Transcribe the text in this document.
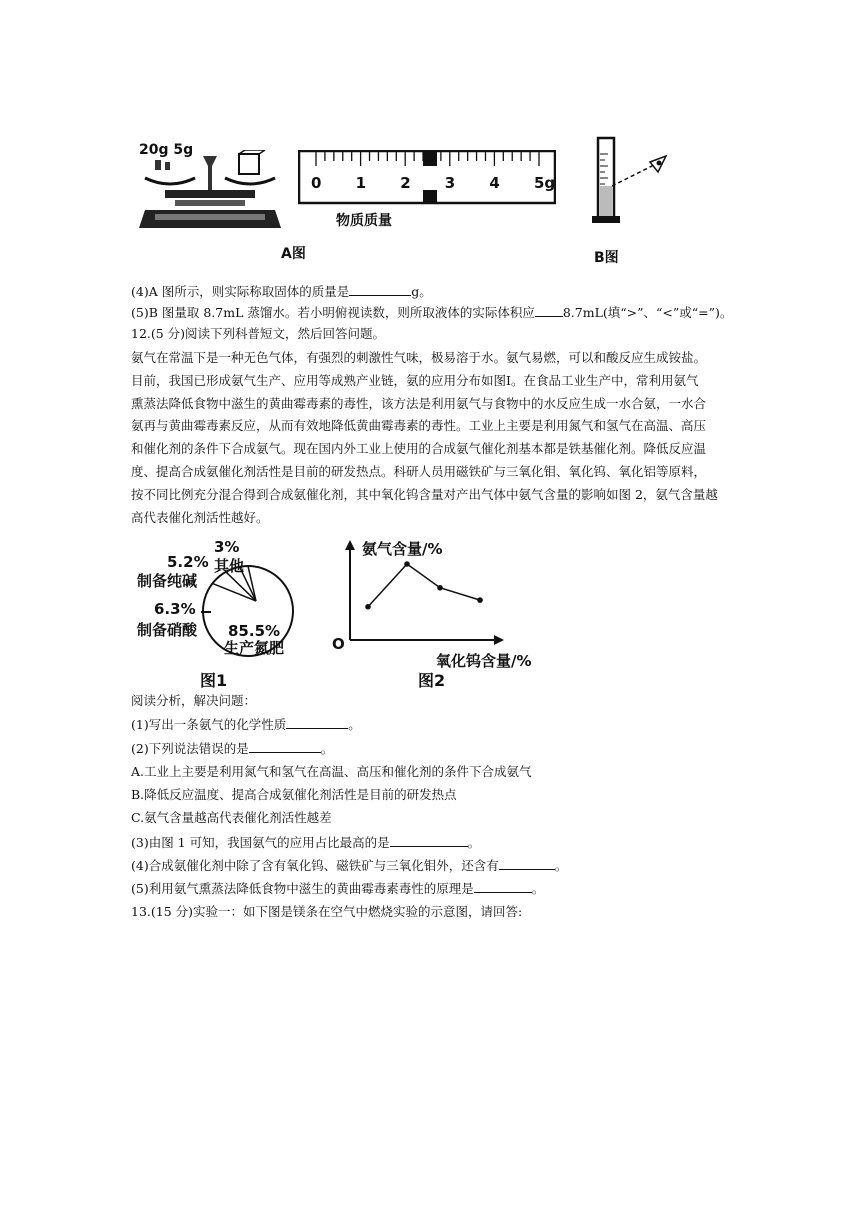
20g 5g
0 1 2 3 4 5g
物质质量
A图	B图
(4)A 图所示，则实际称取固体的质量是	g。
(5)B 图量取 8.7mL 蒸馏水。若小明俯视读数，则所取液体的实际体积应 8.7mL(填“>”、“<”或“=”)。
12.(5 分)阅读下列科普短文，然后回答问题。
氨气在常温下是一种无色气体，有强烈的刺激性气味，极易溶于水。氨气易燃，可以和酸反应生成铵盐。
目前，我国已形成氨气生产、应用等成熟产业链，氨的应用分布如图Ⅰ。在食品工业生产中，常利用氨气
熏蒸法降低食物中滋生的黄曲霉毒素的毒性，该方法是利用氨气与食物中的水反应生成一水合氨，一水合
氨再与黄曲霉毒素反应，从而有效地降低黄曲霉毒素的毒性。工业上主要是利用氮气和氢气在高温、高压
和催化剂的条件下合成氨气。现在国内外工业上使用的合成氨气催化剂基本都是铁基催化剂。降低反应温
度、提高合成氨催化剂活性是目前的研发热点。科研人员用磁铁矿与三氧化钼、氧化钨、氧化铝等原料，
按不同比例充分混合得到合成氨催化剂，其中氧化钨含量对产出气体中氨气含量的影响如图 2，氨气含量越
高代表催化剂活性越好。
3%
其他
5.2%
制备纯碱
6.3%
制备硝酸 85.5%
生产氮肥
图1
氨气含量/%
O
氧化钨含量/%
图2
阅读分析，解决问题：
(1)写出一条氨气的化学性质	。
(2)下列说法错误的是	。
A.工业上主要是利用氮气和氢气在高温、高压和催化剂的条件下合成氨气
B.降低反应温度、提高合成氨催化剂活性是目前的研发热点
C.氨气含量越高代表催化剂活性越差
(3)由图 1 可知，我国氨气的应用占比最高的是	。
(4)合成氨催化剂中除了含有氧化钨、磁铁矿与三氧化钼外，还含有	。
(5)利用氨气熏蒸法降低食物中滋生的黄曲霉毒素毒性的原理是	。
13.(15 分)实验一：如下图是镁条在空气中燃烧实验的示意图，请回答:
